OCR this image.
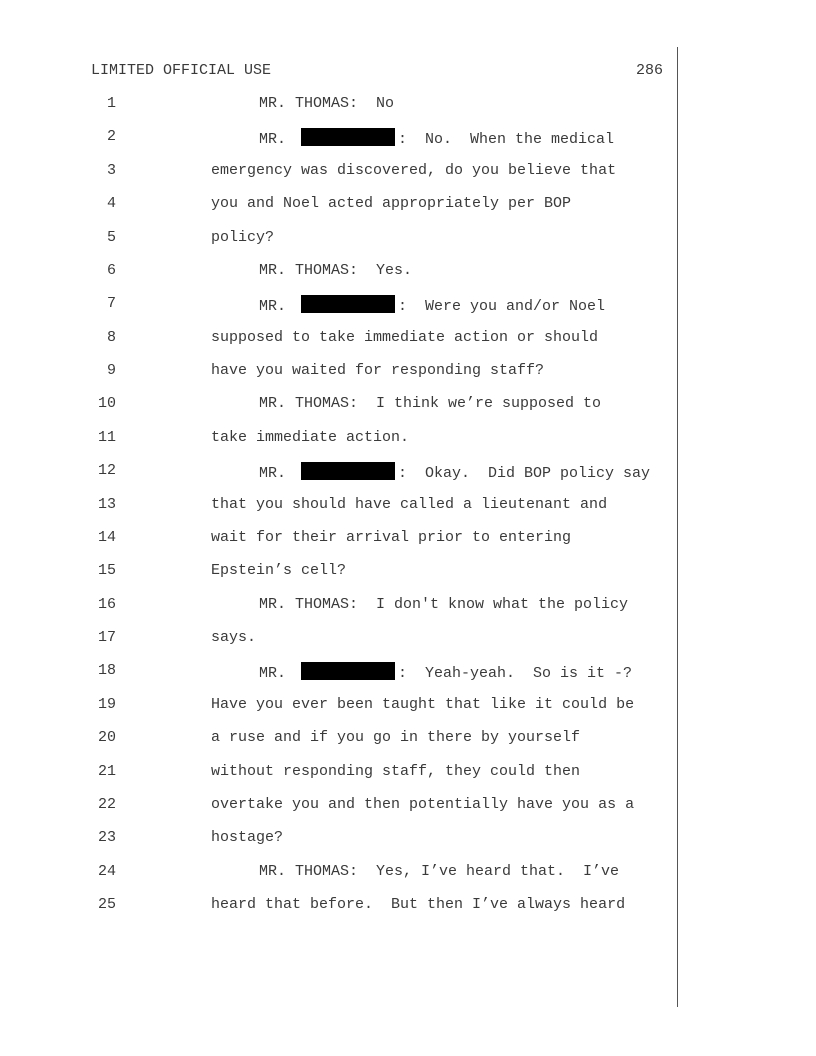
LIMITED OFFICIAL USE	286
1	MR. THOMAS:  No
2	MR.	:  No.  When the medical
3	emergency was discovered, do you believe that
4	you and Noel acted appropriately per BOP
5	policy?
6	MR. THOMAS:  Yes.
7	MR.	:  Were you and/or Noel
8	supposed to take immediate action or should
9	have you waited for responding staff?
10	MR. THOMAS:  I think we’re supposed to
11	take immediate action.
12	MR.	:  Okay.  Did BOP policy say
13	that you should have called a lieutenant and
14	wait for their arrival prior to entering
15	Epstein’s cell?
16	MR. THOMAS:  I don't know what the policy
17	says.
18	MR.	:  Yeah-yeah.  So is it -?
19	Have you ever been taught that like it could be
20	a ruse and if you go in there by yourself
21	without responding staff, they could then
22	overtake you and then potentially have you as a
23	hostage?
24	MR. THOMAS:  Yes, I’ve heard that.  I’ve
25	heard that before.  But then I’ve always heard
